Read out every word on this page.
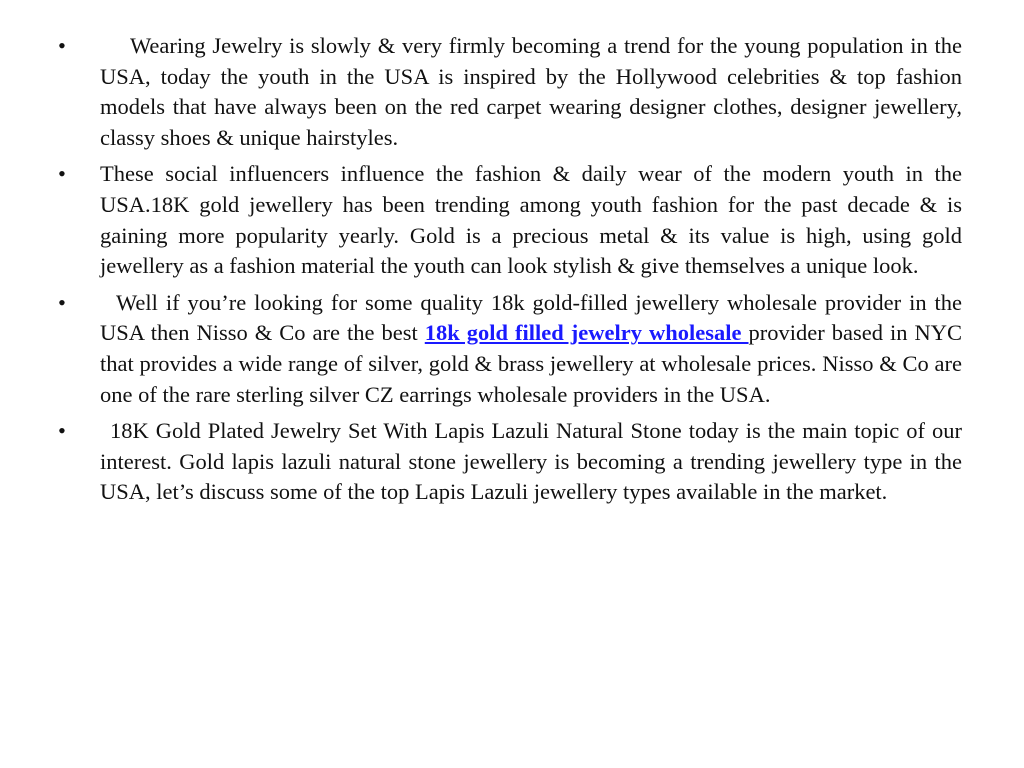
•	Wearing Jewelry is slowly & very firmly becoming a trend for the young population in the USA, today the youth in the USA is inspired by the Hollywood celebrities & top fashion models that have always been on the red carpet wearing designer clothes, designer jewellery, classy shoes & unique hairstyles.
• These social influencers influence the fashion & daily wear of the modern youth in the USA.18K gold jewellery has been trending among youth fashion for the past decade & is gaining more popularity yearly. Gold is a precious metal & its value is high, using gold jewellery as a fashion material the youth can look stylish & give themselves a unique look.
• Well if you’re looking for some quality 18k gold-filled jewellery wholesale provider in the USA then Nisso & Co are the best 18k gold filled jewelry wholesale provider based in NYC that provides a wide range of silver, gold & brass jewellery at wholesale prices. Nisso & Co are one of the rare sterling silver CZ earrings wholesale providers in the USA.
• 18K Gold Plated Jewelry Set With Lapis Lazuli Natural Stone today is the main topic of our interest. Gold lapis lazuli natural stone jewellery is becoming a trending jewellery type in the USA, let’s discuss some of the top Lapis Lazuli jewellery types available in the market.
